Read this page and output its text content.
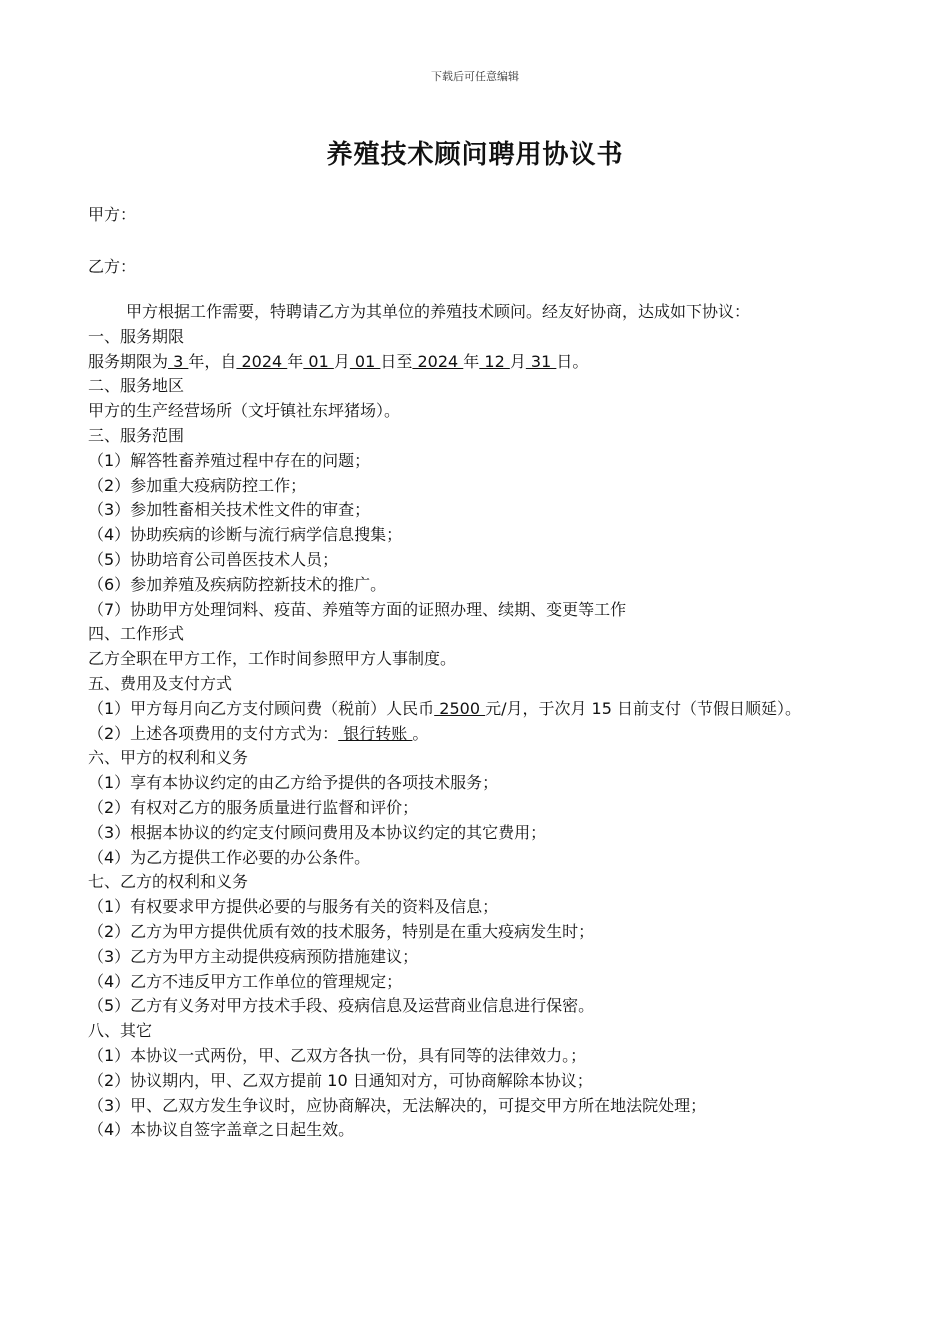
下载后可任意编辑
养殖技术顾问聘用协议书
甲方：
乙方：
甲方根据工作需要，特聘请乙方为其单位的养殖技术顾问。经友好协商，达成如下协议：
一、服务期限
服务期限为 3 年，自 2024 年 01 月 01 日至 2024 年 12 月 31 日。
二、服务地区
甲方的生产经营场所（文圩镇社东坪猪场）。
三、服务范围
（1）解答牲畜养殖过程中存在的问题；
（2）参加重大疫病防控工作；
（3）参加牲畜相关技术性文件的审查；
（4）协助疾病的诊断与流行病学信息搜集；
（5）协助培育公司兽医技术人员；
（6）参加养殖及疾病防控新技术的推广。
（7）协助甲方处理饲料、疫苗、养殖等方面的证照办理、续期、变更等工作
四、工作形式
乙方全职在甲方工作，工作时间参照甲方人事制度。
五、费用及支付方式
（1）甲方每月向乙方支付顾问费（税前）人民币 2500 元/月，于次月 15 日前支付（节假日顺延）。
（2）上述各项费用的支付方式为： 银行转账 。
六、甲方的权利和义务
（1）享有本协议约定的由乙方给予提供的各项技术服务；
（2）有权对乙方的服务质量进行监督和评价；
（3）根据本协议的约定支付顾问费用及本协议约定的其它费用；
（4）为乙方提供工作必要的办公条件。
七、乙方的权利和义务
（1）有权要求甲方提供必要的与服务有关的资料及信息；
（2）乙方为甲方提供优质有效的技术服务，特别是在重大疫病发生时；
（3）乙方为甲方主动提供疫病预防措施建议；
（4）乙方不违反甲方工作单位的管理规定；
（5）乙方有义务对甲方技术手段、疫病信息及运营商业信息进行保密。
八、其它
（1）本协议一式两份，甲、乙双方各执一份，具有同等的法律效力。；
（2）协议期内，甲、乙双方提前 10 日通知对方，可协商解除本协议；
（3）甲、乙双方发生争议时，应协商解决，无法解决的，可提交甲方所在地法院处理；
（4）本协议自签字盖章之日起生效。
